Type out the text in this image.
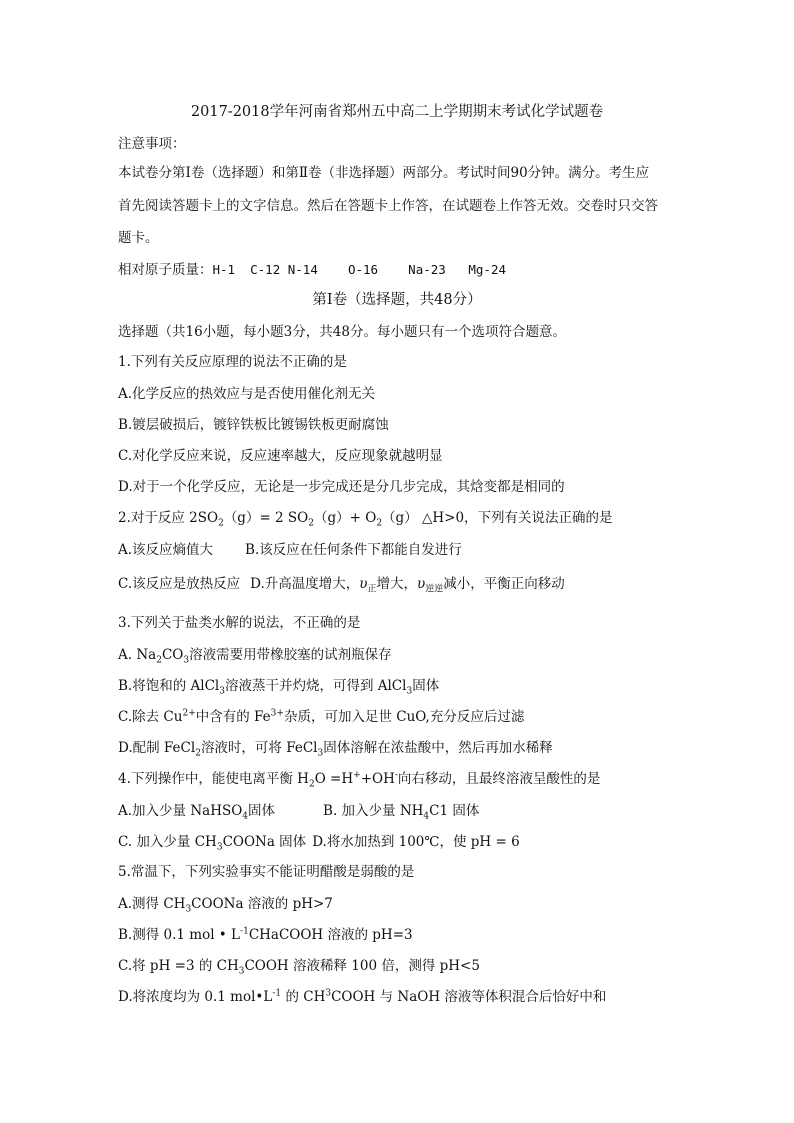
2017-2018学年河南省郑州五中高二上学期期末考试化学试题卷
注意事项：
本试卷分第Ⅰ卷（选择题）和第Ⅱ卷（非选择题）两部分。考试时间90分钟。满分。考生应
首先阅读答题卡上的文字信息。然后在答题卡上作答，在试题卷上作答无效。交卷时只交答
题卡。
相对原子质量：H-1  C-12 N-14    O-16    Na-23   Mg-24
第Ⅰ卷（选择题，共48分）
选择题（共16小题，每小题3分，共48分。每小题只有一个选项符合题意。
1.下列有关反应原理的说法不正确的是
A.化学反应的热效应与是否使用催化剂无关
B.镀层破损后，镀锌铁板比镀锡铁板更耐腐蚀
C.对化学反应来说，反应速率越大，反应现象就越明显
D.对于一个化学反应，无论是一步完成还是分几步完成，其焓变都是相同的
2.对于反应 $2SO_2(g)= 2$ $SO_2(g)+ O_2(g)$ △H>0，下列有关说法正确的是
A.该反应熵值大 B.该反应在任何条件下都能自发进行
C.该反应是放热反应 D.升高温度增大，$\upsilon_正$增大，$\upsilon_{逆逆}$减小，平衡正向移动
3.下列关于盐类水解的说法，不正确的是
A. $Na_2CO_3$溶液需要用带橡胶塞的试剂瓶保存
B.将饱和的 AlCl$_3$溶液蒸干并灼烧，可得到 AlCl$_3$固体
C.除去 $Cu^{2+}$中含有的 $Fe^{3+}$杂质，可加入足世 CuO,充分反应后过滤
D.配制 FeCl$_2$溶液时，可将 FeCl$_3$固体溶解在浓盐酸中，然后再加水稀释
4.下列操作中，能使电离平衡 $H_2O =H^++OH^-$向右移动，且最终溶液呈酸性的是
A.加入少量 NaHSO$_4$固体	B. 加入少量 $NH_4C1$ 固体
C. 加入少量 $CH_3COONa$ 固体 D.将水加热到 100℃，使 pH = 6
5.常温下，下列实验事实不能证明醋酸是弱酸的是
A.测得 $CH_3COONa$ 溶液的 pH>7
B.测得 0.1 mol • $L^{-1}CHaCOOH$ 溶液的 pH=3
C.将 pH =3 的 $CH_3COOH$ 溶液稀释 100 倍，测得 pH<5
D.将浓度均为 0.1 $mol•L^{-1}$ 的 $CH^3COOH$ 与 NaOH 溶液等体积混合后恰好中和
